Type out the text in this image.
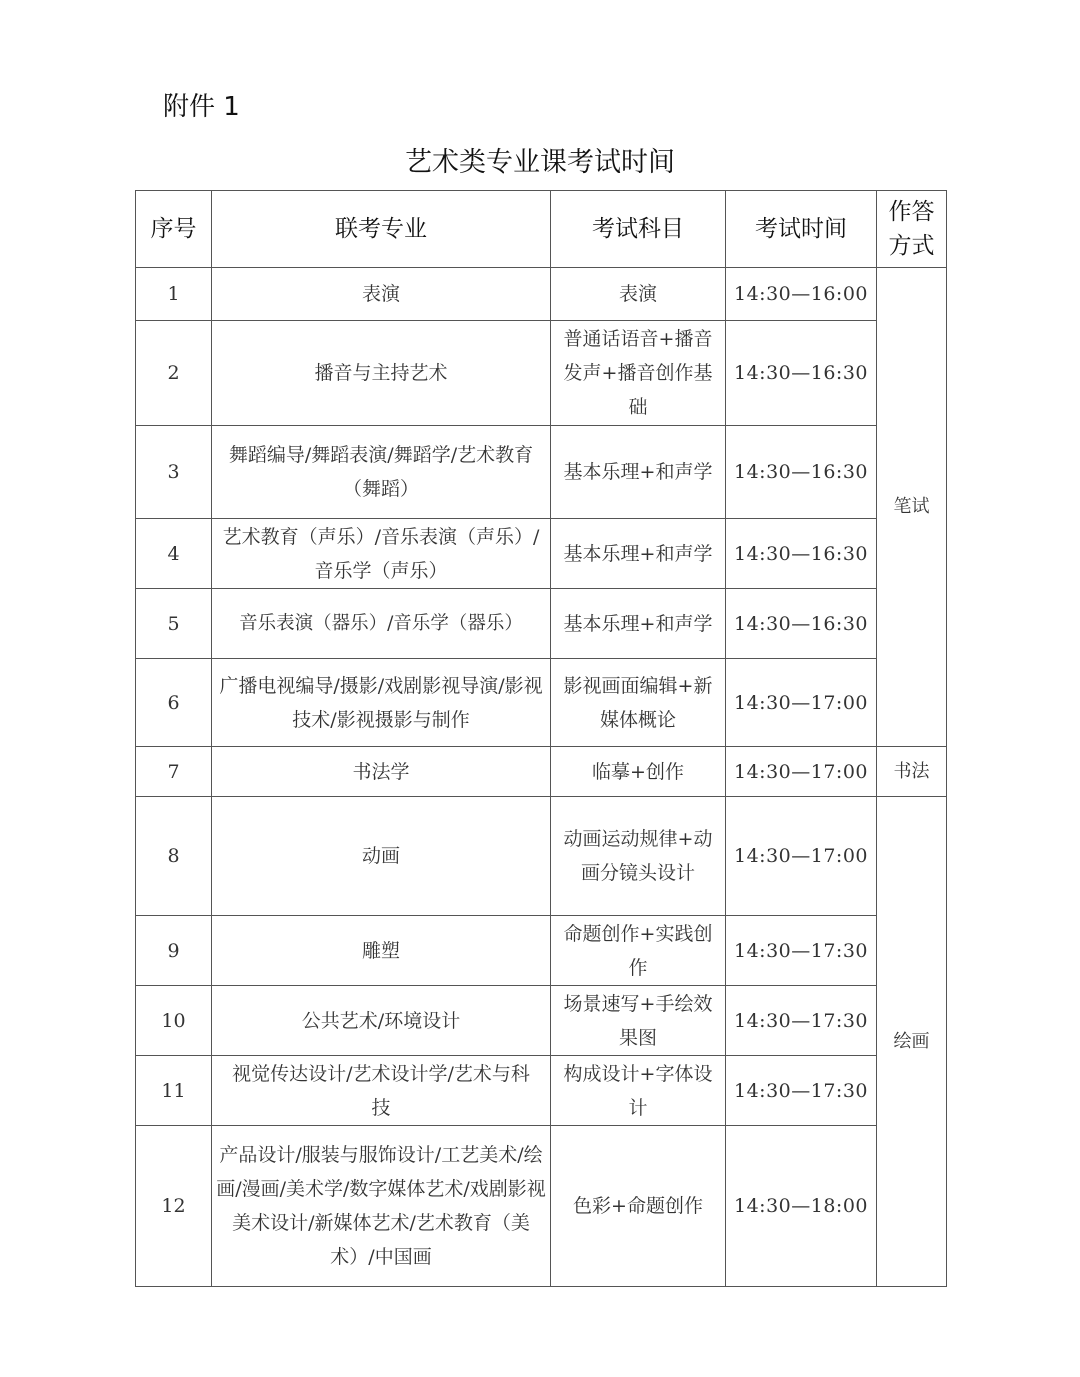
附件 1
艺术类专业课考试时间
序号	联考专业	考试科目	考试时间	作答方式
1	表演	表演	14:30—16:00	笔试
2	播音与主持艺术	普通话语音+播音发声+播音创作基础	14:30—16:30	
3	舞蹈编导/舞蹈表演/舞蹈学/艺术教育（舞蹈）	基本乐理+和声学	14:30—16:30	
4	艺术教育（声乐）/音乐表演（声乐）/音乐学（声乐）	基本乐理+和声学	14:30—16:30	
5	音乐表演（器乐）/音乐学（器乐）	基本乐理+和声学	14:30—16:30	
6	广播电视编导/摄影/戏剧影视导演/影视技术/影视摄影与制作	影视画面编辑+新媒体概论	14:30—17:00	
7	书法学	临摹+创作	14:30—17:00	书法
8	动画	动画运动规律+动画分镜头设计	14:30—17:00	绘画
9	雕塑	命题创作+实践创作	14:30—17:30	
10	公共艺术/环境设计	场景速写+手绘效果图	14:30—17:30	
11	视觉传达设计/艺术设计学/艺术与科技	构成设计+字体设计	14:30—17:30	
12	产品设计/服装与服饰设计/工艺美术/绘画/漫画/美术学/数字媒体艺术/戏剧影视美术设计/新媒体艺术/艺术教育（美术）/中国画	色彩+命题创作	14:30—18:00	
